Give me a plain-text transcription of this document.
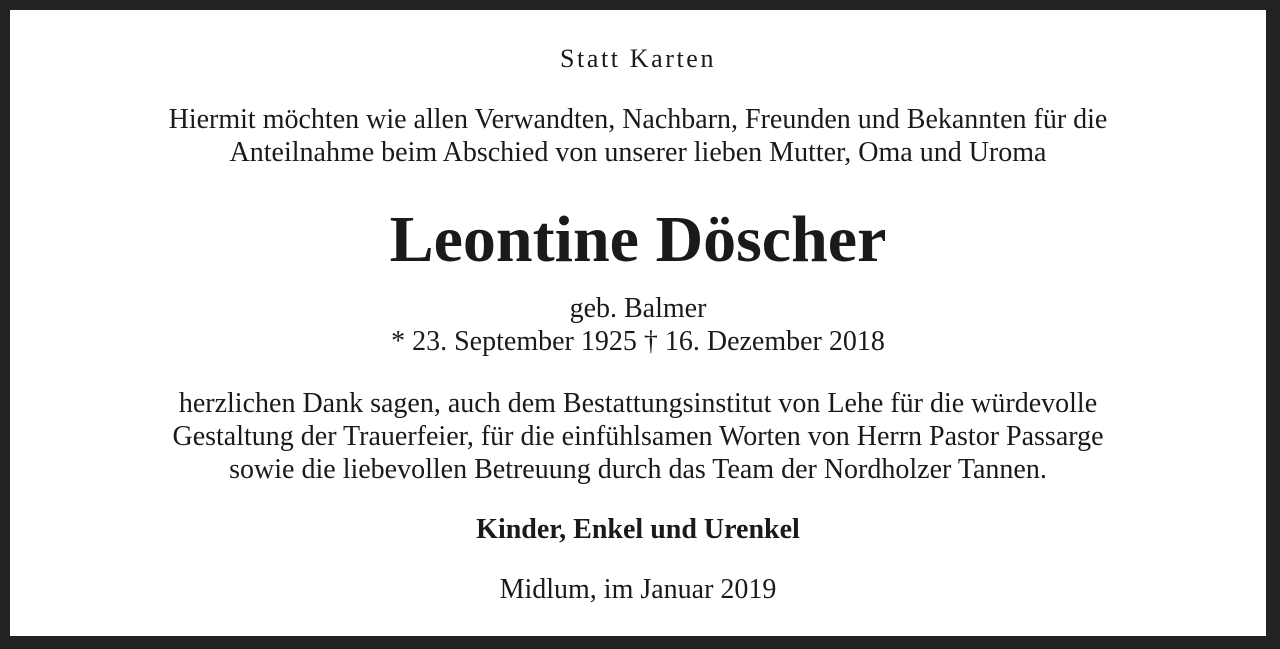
Statt Karten
Hiermit möchten wie allen Verwandten, Nachbarn, Freunden und Bekannten für die
Anteilnahme beim Abschied von unserer lieben Mutter, Oma und Uroma
Leontine Döscher
geb. Balmer
* 23. September 1925 † 16. Dezember 2018
herzlichen Dank sagen, auch dem Bestattungsinstitut von Lehe für die würdevolle
Gestaltung der Trauerfeier, für die einfühlsamen Worten von Herrn Pastor Passarge
sowie die liebevollen Betreuung durch das Team der Nordholzer Tannen.
Kinder, Enkel und Urenkel
Midlum, im Januar 2019
